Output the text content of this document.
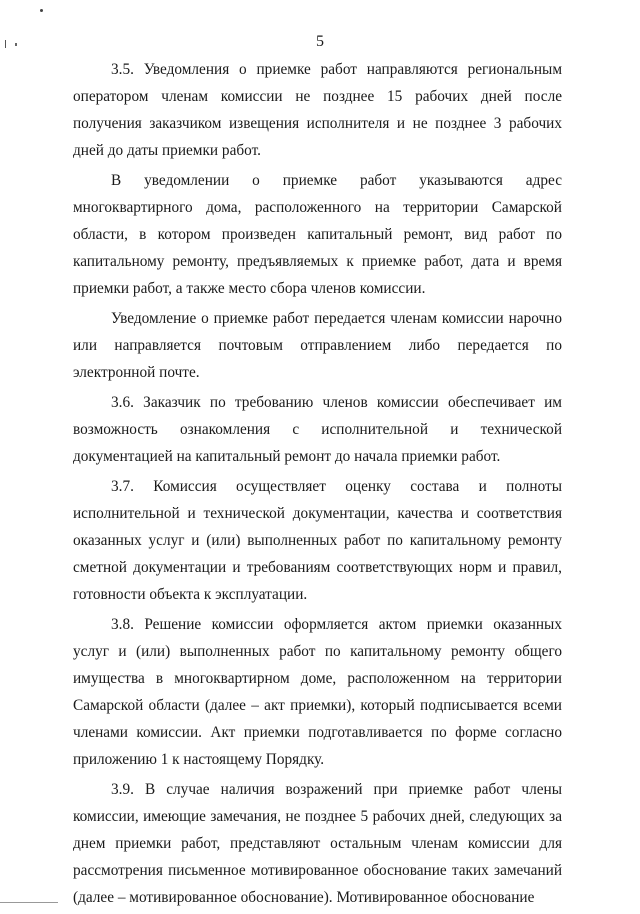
5

3.5. Уведомления о приемке работ направляются региональным оператором членам комиссии не позднее 15 рабочих дней после получения заказчиком извещения исполнителя и не позднее 3 рабочих дней до даты приемки работ.

В уведомлении о приемке работ указываются адрес многоквартирного дома, расположенного на территории Самарской области, в котором произведен капитальный ремонт, вид работ по капитальному ремонту, предъявляемых к приемке работ, дата и время приемки работ, а также место сбора членов комиссии.

Уведомление о приемке работ передается членам комиссии нарочно или направляется почтовым отправлением либо передается по электронной почте.

3.6. Заказчик по требованию членов комиссии обеспечивает им возможность ознакомления с исполнительной и технической документацией на капитальный ремонт до начала приемки работ.

3.7. Комиссия осуществляет оценку состава и полноты исполнительной и технической документации, качества и соответствия оказанных услуг и (или) выполненных работ по капитальному ремонту сметной документации и требованиям соответствующих норм и правил, готовности объекта к эксплуатации.

3.8. Решение комиссии оформляется актом приемки оказанных услуг и (или) выполненных работ по капитальному ремонту общего имущества в многоквартирном доме, расположенном на территории Самарской области (далее – акт приемки), который подписывается всеми членами комиссии. Акт приемки подготавливается по форме согласно приложению 1 к настоящему Порядку.

3.9. В случае наличия возражений при приемке работ члены комиссии, имеющие замечания, не позднее 5 рабочих дней, следующих за днем приемки работ, представляют остальным членам комиссии для рассмотрения письменное мотивированное обоснование таких замечаний (далее – мотивированное обоснование). Мотивированное обоснование
